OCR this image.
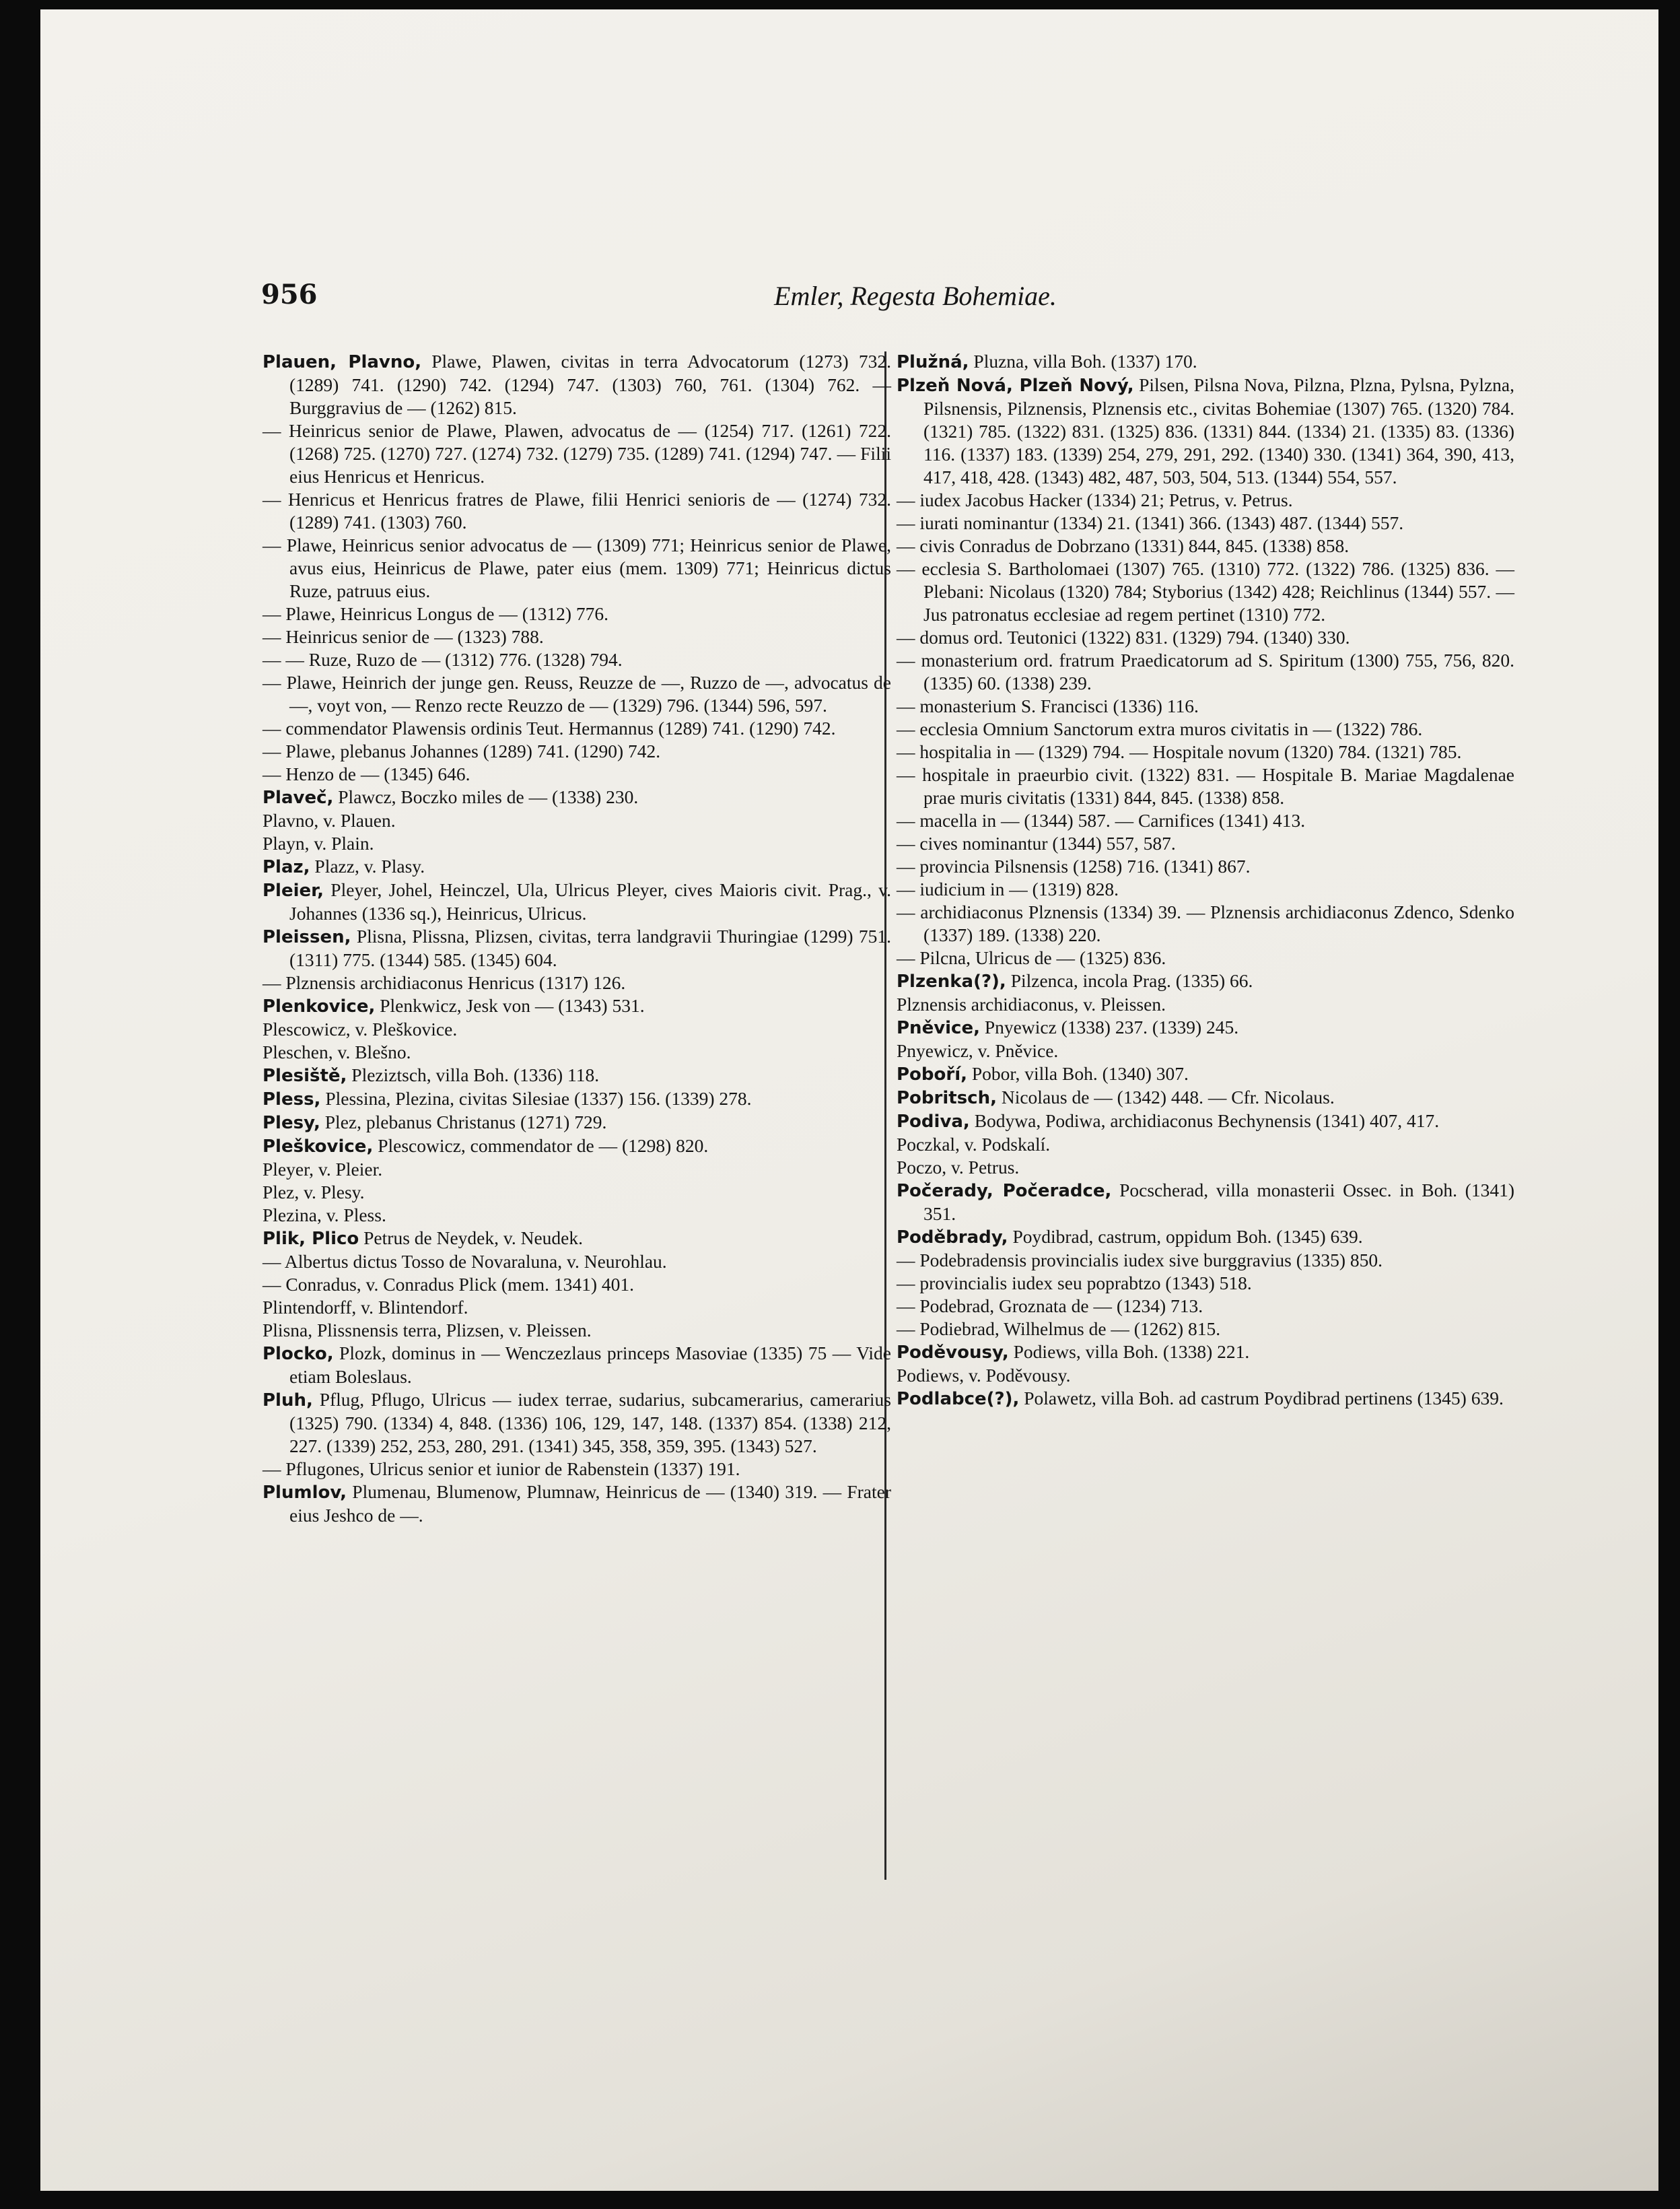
956	Emler, Regesta Bohemiae.
Plauen, Plavno, Plawe, Plawen, civitas in terra Advocatorum (1273) 732. (1289) 741. (1290) 742. (1294) 747. (1303) 760, 761. (1304) 762. — Burggravius de — (1262) 815.
— Heinricus senior de Plawe, Plawen, advocatus de — (1254) 717. (1261) 722. (1268) 725. (1270) 727. (1274) 732. (1279) 735. (1289) 741. (1294) 747. — Filii eius Henricus et Henricus.
— Henricus et Henricus fratres de Plawe, filii Henrici senioris de — (1274) 732. (1289) 741. (1303) 760.
— Plawe, Heinricus senior advocatus de — (1309) 771; Heinricus senior de Plawe, avus eius, Heinricus de Plawe, pater eius (mem. 1309) 771; Heinricus dictus Ruze, patruus eius.
— Plawe, Heinricus Longus de — (1312) 776.
— Heinricus senior de — (1323) 788.
— — Ruze, Ruzo de — (1312) 776. (1328) 794.
— Plawe, Heinrich der junge gen. Reuss, Reuzze de —, Ruzzo de —, advocatus de —, voyt von, — Renzo recte Reuzzo de — (1329) 796. (1344) 596, 597.
— commendator Plawensis ordinis Teut. Hermannus (1289) 741. (1290) 742.
— Plawe, plebanus Johannes (1289) 741. (1290) 742.
— Henzo de — (1345) 646.
Plaveč, Plawcz, Boczko miles de — (1338) 230.
Plavno, v. Plauen.
Playn, v. Plain.
Plaz, Plazz, v. Plasy.
Pleier, Pleyer, Johel, Heinczel, Ula, Ulricus Pleyer, cives Maioris civit. Prag., v. Johannes (1336 sq.), Heinricus, Ulricus.
Pleissen, Plisna, Plissna, Plizsen, civitas, terra landgravii Thuringiae (1299) 751. (1311) 775. (1344) 585. (1345) 604.
— Plznensis archidiaconus Henricus (1317) 126.
Plenkovice, Plenkwicz, Jesk von — (1343) 531.
Plescowicz, v. Pleškovice.
Pleschen, v. Blešno.
Plesiště, Pleziztsch, villa Boh. (1336) 118.
Pless, Plessina, Plezina, civitas Silesiae (1337) 156. (1339) 278.
Plesy, Plez, plebanus Christanus (1271) 729.
Pleškovice, Plescowicz, commendator de — (1298) 820.
Pleyer, v. Pleier.
Plez, v. Plesy.
Plezina, v. Pless.
Plik, Plico Petrus de Neydek, v. Neudek.
— Albertus dictus Tosso de Novaraluna, v. Neurohlau.
— Conradus, v. Conradus Plick (mem. 1341) 401.
Plintendorff, v. Blintendorf.
Plisna, Plissnensis terra, Plizsen, v. Pleissen.
Plocko, Plozk, dominus in — Wenczezlaus princeps Masoviae (1335) 75 — Vide etiam Boleslaus.
Pluh, Pflug, Pflugo, Ulricus — iudex terrae, sudarius, subcamerarius, camerarius (1325) 790. (1334) 4, 848. (1336) 106, 129, 147, 148. (1337) 854. (1338) 212, 227. (1339) 252, 253, 280, 291. (1341) 345, 358, 359, 395. (1343) 527.
— Pflugones, Ulricus senior et iunior de Rabenstein (1337) 191.
Plumlov, Plumenau, Blumenow, Plumnaw, Heinricus de — (1340) 319. — Frater eius Jeshco de —.
Plužná, Pluzna, villa Boh. (1337) 170.
Plzeň Nová, Plzeň Nový, Pilsen, Pilsna Nova, Pilzna, Plzna, Pylsna, Pylzna, Pilsnensis, Pilznensis, Plznensis etc., civitas Bohemiae (1307) 765. (1320) 784. (1321) 785. (1322) 831. (1325) 836. (1331) 844. (1334) 21. (1335) 83. (1336) 116. (1337) 183. (1339) 254, 279, 291, 292. (1340) 330. (1341) 364, 390, 413, 417, 418, 428. (1343) 482, 487, 503, 504, 513. (1344) 554, 557.
— iudex Jacobus Hacker (1334) 21; Petrus, v. Petrus.
— iurati nominantur (1334) 21. (1341) 366. (1343) 487. (1344) 557.
— civis Conradus de Dobrzano (1331) 844, 845. (1338) 858.
— ecclesia S. Bartholomaei (1307) 765. (1310) 772. (1322) 786. (1325) 836. — Plebani: Nicolaus (1320) 784; Styborius (1342) 428; Reichlinus (1344) 557. — Jus patronatus ecclesiae ad regem pertinet (1310) 772.
— domus ord. Teutonici (1322) 831. (1329) 794. (1340) 330.
— monasterium ord. fratrum Praedicatorum ad S. Spiritum (1300) 755, 756, 820. (1335) 60. (1338) 239.
— monasterium S. Francisci (1336) 116.
— ecclesia Omnium Sanctorum extra muros civitatis in — (1322) 786.
— hospitalia in — (1329) 794. — Hospitale novum (1320) 784. (1321) 785.
— hospitale in praeurbio civit. (1322) 831. — Hospitale B. Mariae Magdalenae prae muris civitatis (1331) 844, 845. (1338) 858.
— macella in — (1344) 587. — Carnifices (1341) 413.
— cives nominantur (1344) 557, 587.
— provincia Pilsnensis (1258) 716. (1341) 867.
— iudicium in — (1319) 828.
— archidiaconus Plznensis (1334) 39. — Plznensis archidiaconus Zdenco, Sdenko (1337) 189. (1338) 220.
— Pilcna, Ulricus de — (1325) 836.
Plzenka(?), Pilzenca, incola Prag. (1335) 66.
Plznensis archidiaconus, v. Pleissen.
Pněvice, Pnyewicz (1338) 237. (1339) 245.
Pnyewicz, v. Pněvice.
Poboří, Pobor, villa Boh. (1340) 307.
Pobritsch, Nicolaus de — (1342) 448. — Cfr. Nicolaus.
Podiva, Bodywa, Podiwa, archidiaconus Bechynensis (1341) 407, 417.
Poczkal, v. Podskalí.
Poczo, v. Petrus.
Počerady, Počeradce, Pocscherad, villa monasterii Ossec. in Boh. (1341) 351.
Poděbrady, Poydibrad, castrum, oppidum Boh. (1345) 639.
— Podebradensis provincialis iudex sive burggravius (1335) 850.
— provincialis iudex seu poprabtzo (1343) 518.
— Podebrad, Groznata de — (1234) 713.
— Podiebrad, Wilhelmus de — (1262) 815.
Poděvousy, Podiews, villa Boh. (1338) 221.
Podiews, v. Poděvousy.
Podlabce(?), Polawetz, villa Boh. ad castrum Poydibrad pertinens (1345) 639.
